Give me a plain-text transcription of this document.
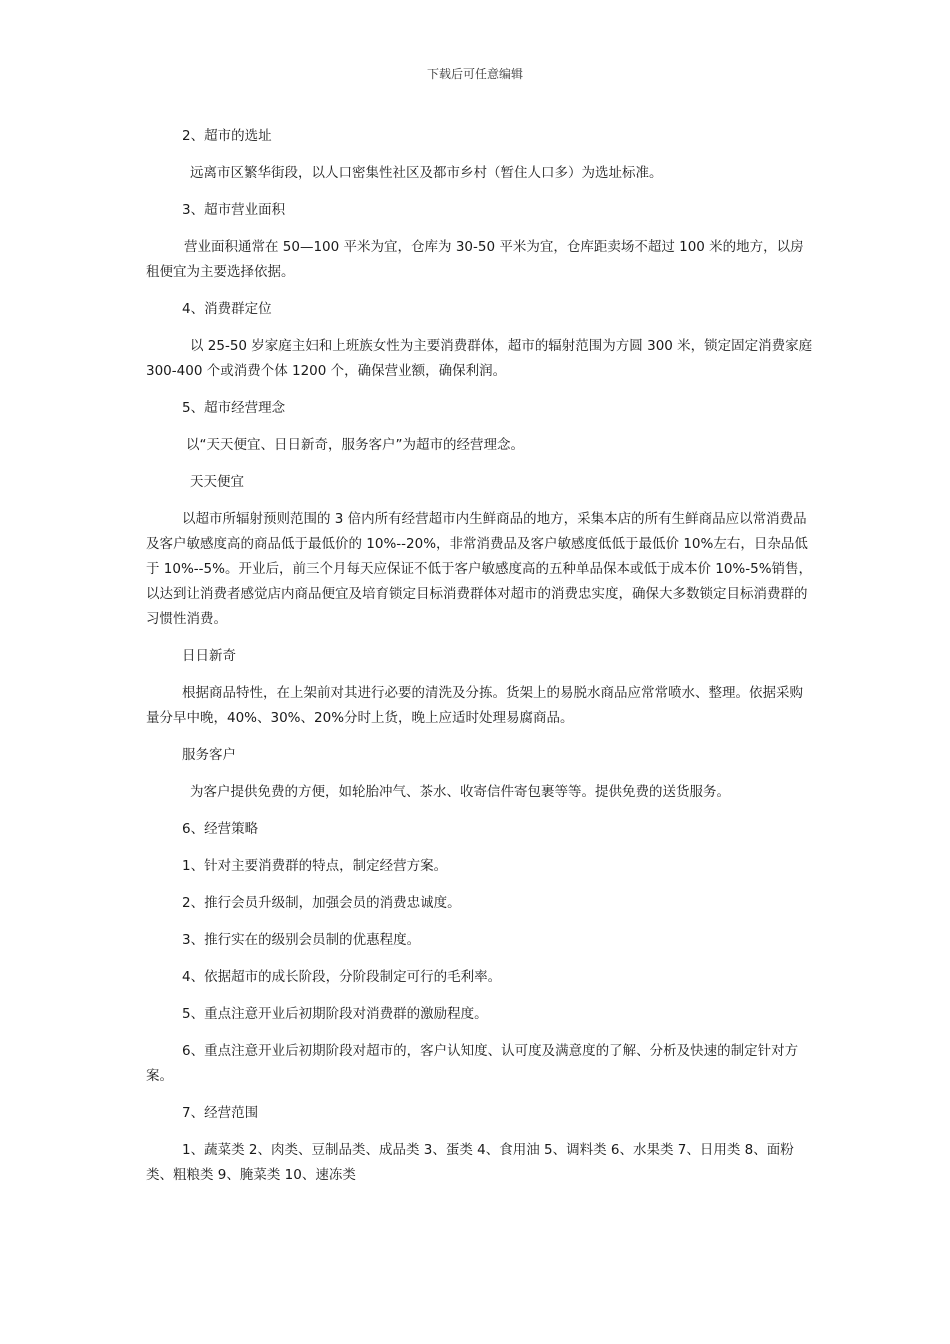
下载后可任意编辑

2、超市的选址

远离市区繁华街段，以人口密集性社区及都市乡村（暂住人口多）为选址标准。

3、超市营业面积

营业面积通常在 50—100 平米为宜，仓库为 30-50 平米为宜，仓库距卖场不超过 100 米的地方，以房租便宜为主要选择依据。

4、消费群定位

以 25-50 岁家庭主妇和上班族女性为主要消费群体，超市的辐射范围为方圆 300 米，锁定固定消费家庭 300-400 个或消费个体 1200 个，确保营业额，确保利润。

5、超市经营理念

以“天天便宜、日日新奇，服务客户”为超市的经营理念。

天天便宜

以超市所辐射预则范围的 3 倍内所有经营超市内生鲜商品的地方，采集本店的所有生鲜商品应以常消费品及客户敏感度高的商品低于最低价的 10%--20%，非常消费品及客户敏感度低低于最低价 10%左右，日杂品低于 10%--5%。开业后，前三个月每天应保证不低于客户敏感度高的五种单品保本或低于成本价 10%-5%销售，以达到让消费者感觉店内商品便宜及培育锁定目标消费群体对超市的消费忠实度，确保大多数锁定目标消费群的习惯性消费。

日日新奇

根据商品特性，在上架前对其进行必要的清洗及分拣。货架上的易脱水商品应常常喷水、整理。依据采购量分早中晚，40%、30%、20%分时上货，晚上应适时处理易腐商品。

服务客户

为客户提供免费的方便，如轮胎冲气、茶水、收寄信件寄包裹等等。提供免费的送货服务。

6、经营策略

1、针对主要消费群的特点，制定经营方案。

2、推行会员升级制，加强会员的消费忠诚度。

3、推行实在的级别会员制的优惠程度。

4、依据超市的成长阶段，分阶段制定可行的毛利率。

5、重点注意开业后初期阶段对消费群的激励程度。

6、重点注意开业后初期阶段对超市的，客户认知度、认可度及满意度的了解、分析及快速的制定针对方案。

7、经营范围

1、蔬菜类 2、肉类、豆制品类、成品类 3、蛋类 4、食用油 5、调料类 6、水果类 7、日用类 8、面粉类、粗粮类 9、腌菜类 10、速冻类
